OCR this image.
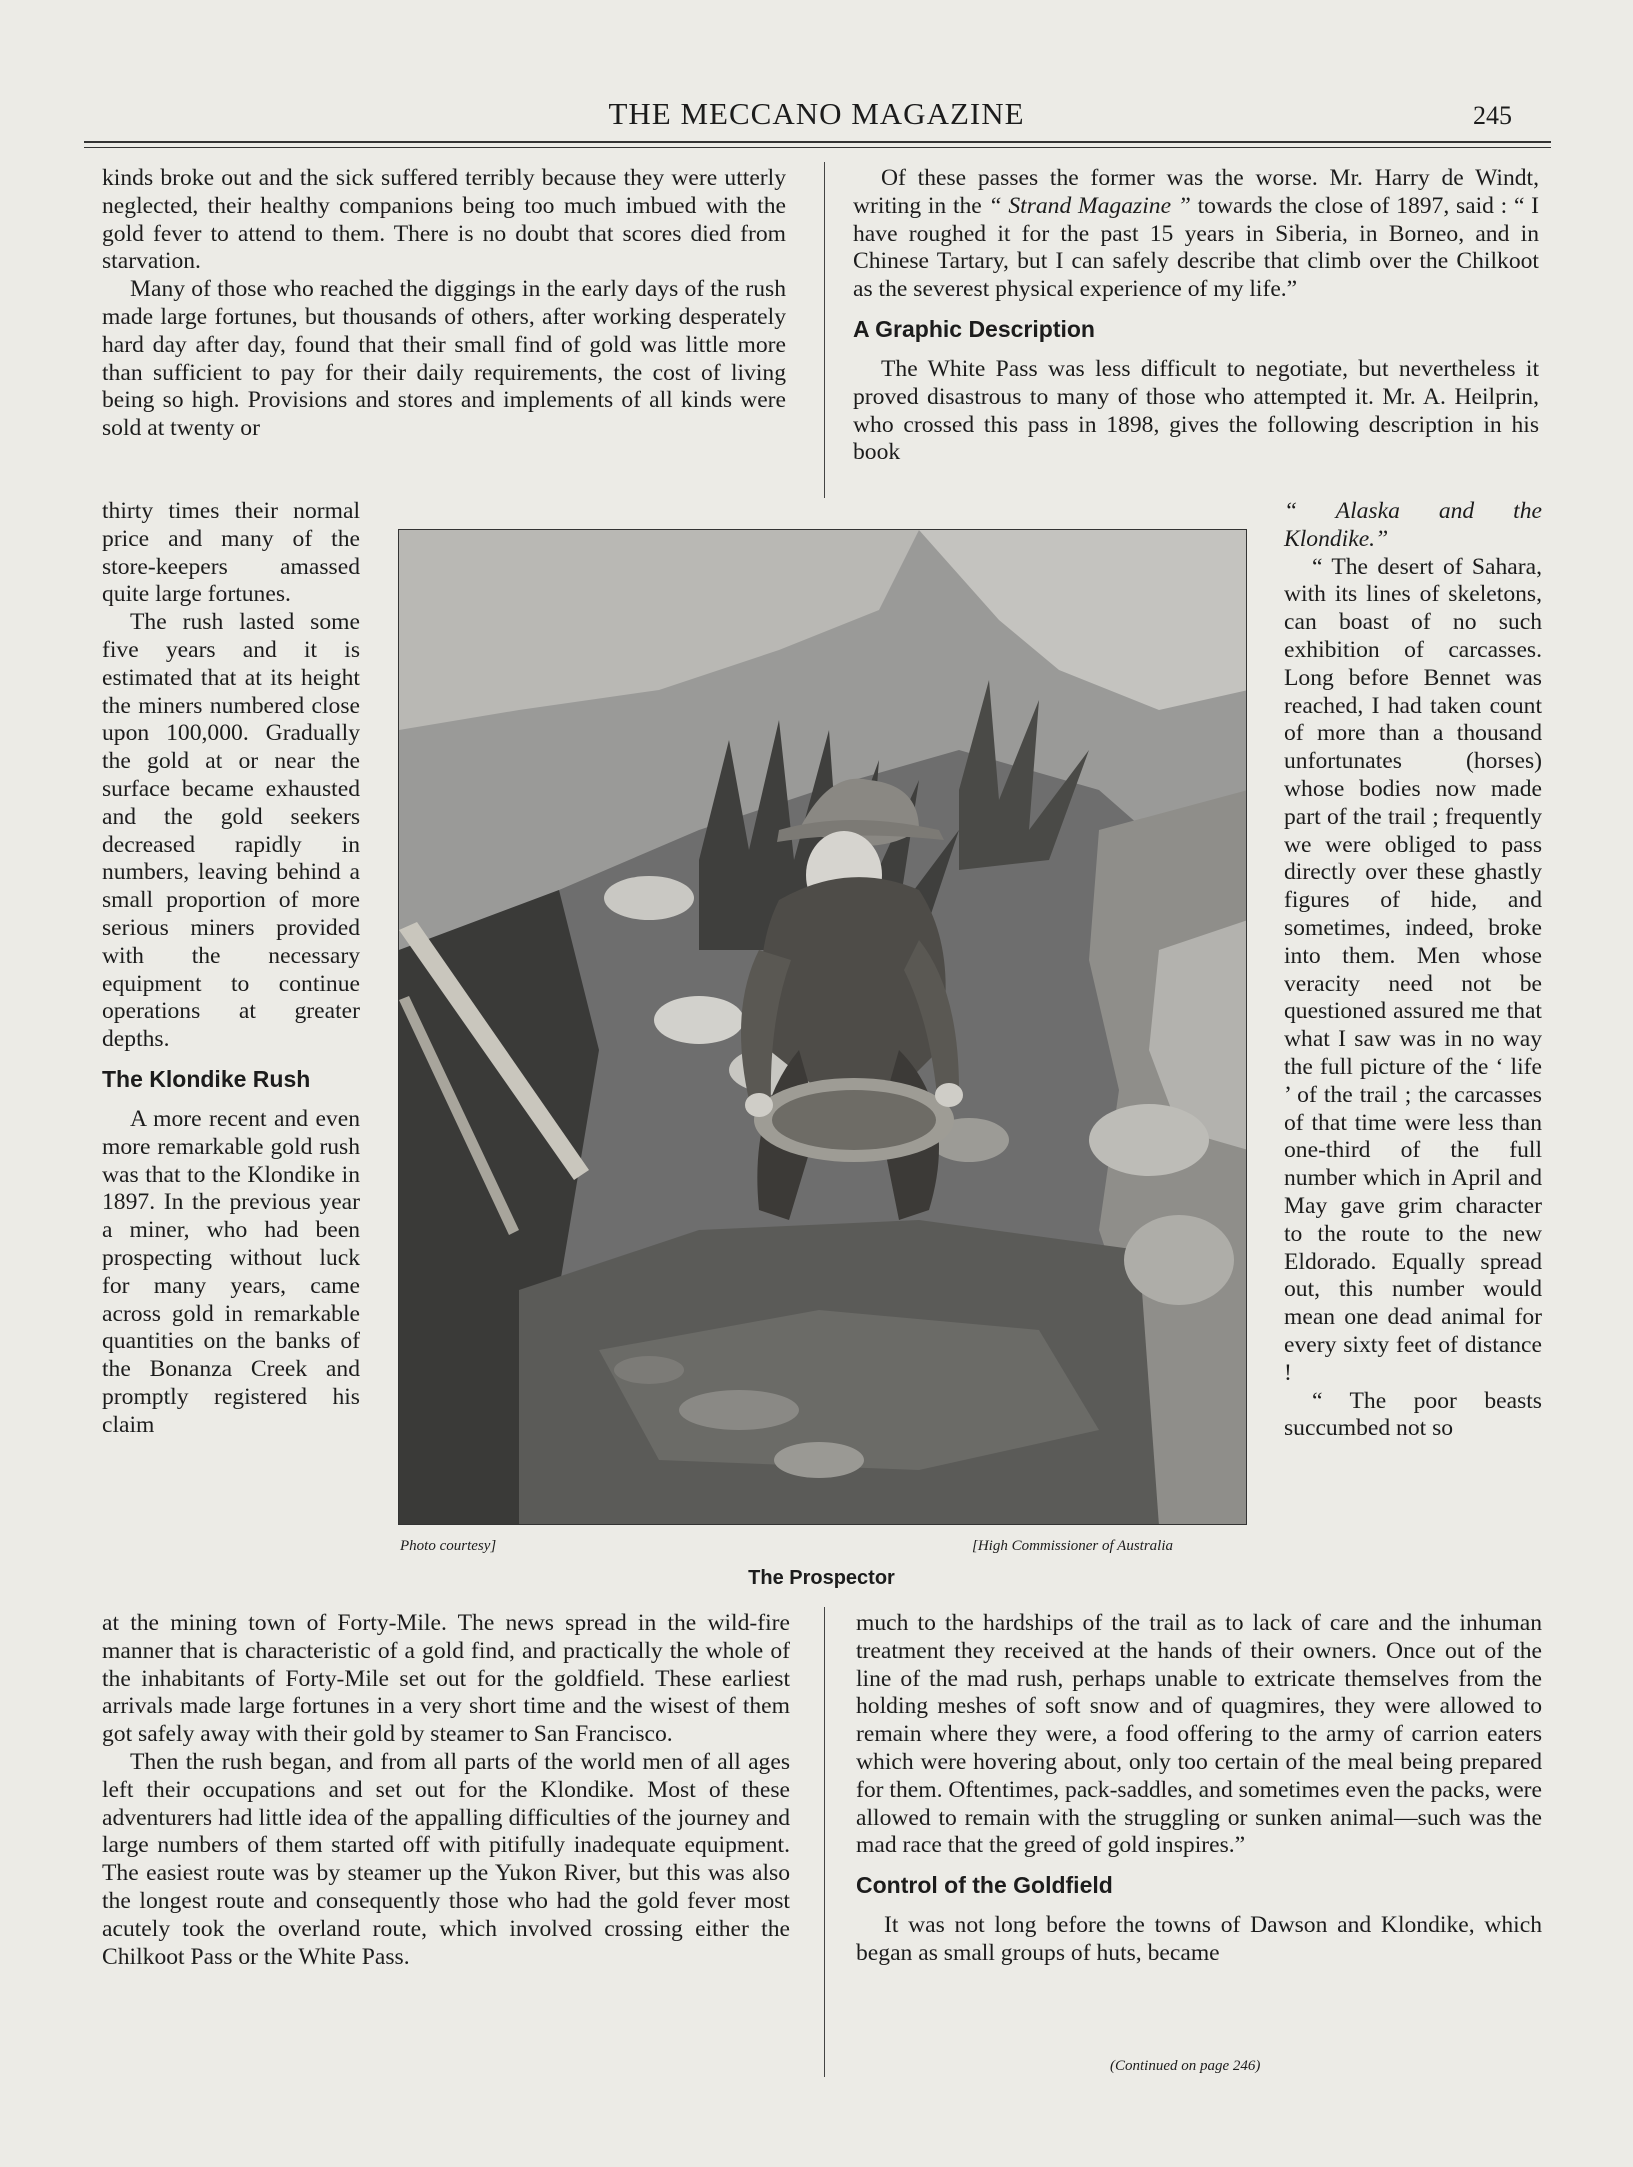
THE MECCANO MAGAZINE	245

kinds broke out and the sick suffered terribly because they were utterly neglected, their healthy companions being too much imbued with the gold fever to attend to them. There is no doubt that scores died from starvation.

Many of those who reached the diggings in the early days of the rush made large fortunes, but thousands of others, after working desperately hard day after day, found that their small find of gold was little more than sufficient to pay for their daily requirements, the cost of living being so high. Provisions and stores and implements of all kinds were sold at twenty or

thirty times their normal price and many of the store-keepers amassed quite large fortunes.

The rush lasted some five years and it is estimated that at its height the miners numbered close upon 100,000. Gradually the gold at or near the surface became exhausted and the gold seekers decreased rapidly in numbers, leaving behind a small proportion of more serious miners provided with the necessary equipment to continue operations at greater depths.

The Klondike Rush

A more recent and even more remarkable gold rush was that to the Klondike in 1897. In the previous year a miner, who had been prospecting without luck for many years, came across gold in remarkable quantities on the banks of the Bonanza Creek and promptly registered his claim

at the mining town of Forty-Mile. The news spread in the wild-fire manner that is characteristic of a gold find, and practically the whole of the inhabitants of Forty-Mile set out for the goldfield. These earliest arrivals made large fortunes in a very short time and the wisest of them got safely away with their gold by steamer to San Francisco.

Then the rush began, and from all parts of the world men of all ages left their occupations and set out for the Klondike. Most of these adventurers had little idea of the appalling difficulties of the journey and large numbers of them started off with pitifully inadequate equipment. The easiest route was by steamer up the Yukon River, but this was also the longest route and consequently those who had the gold fever most acutely took the overland route, which involved crossing either the Chilkoot Pass or the White Pass.

Of these passes the former was the worse. Mr. Harry de Windt, writing in the “ Strand Magazine ” towards the close of 1897, said : “ I have roughed it for the past 15 years in Siberia, in Borneo, and in Chinese Tartary, but I can safely describe that climb over the Chilkoot as the severest physical experience of my life.”

A Graphic Description

The White Pass was less difficult to negotiate, but nevertheless it proved disastrous to many of those who attempted it. Mr. A. Heilprin, who crossed this pass in 1898, gives the following description in his book

“ Alaska and the Klondike.”

“ The desert of Sahara, with its lines of skeletons, can boast of no such exhibition of carcasses. Long before Bennet was reached, I had taken count of more than a thousand unfortunates (horses) whose bodies now made part of the trail ; frequently we were obliged to pass directly over these ghastly figures of hide, and sometimes, indeed, broke into them. Men whose veracity need not be questioned assured me that what I saw was in no way the full picture of the ‘ life ’ of the trail ; the carcasses of that time were less than one-third of the full number which in April and May gave grim character to the route to the new Eldorado. Equally spread out, this number would mean one dead animal for every sixty feet of distance !

“ The poor beasts succumbed not so

much to the hardships of the trail as to lack of care and the inhuman treatment they received at the hands of their owners. Once out of the line of the mad rush, perhaps unable to extricate themselves from the holding meshes of soft snow and of quagmires, they were allowed to remain where they were, a food offering to the army of carrion eaters which were hovering about, only too certain of the meal being prepared for them. Oftentimes, pack-saddles, and sometimes even the packs, were allowed to remain with the struggling or sunken animal—such was the mad race that the greed of gold inspires.”

Control of the Goldfield

It was not long before the towns of Dawson and Klondike, which began as small groups of huts, became

(Continued on page 246)
Photo courtesy]	[High Commissioner of Australia
The Prospector
